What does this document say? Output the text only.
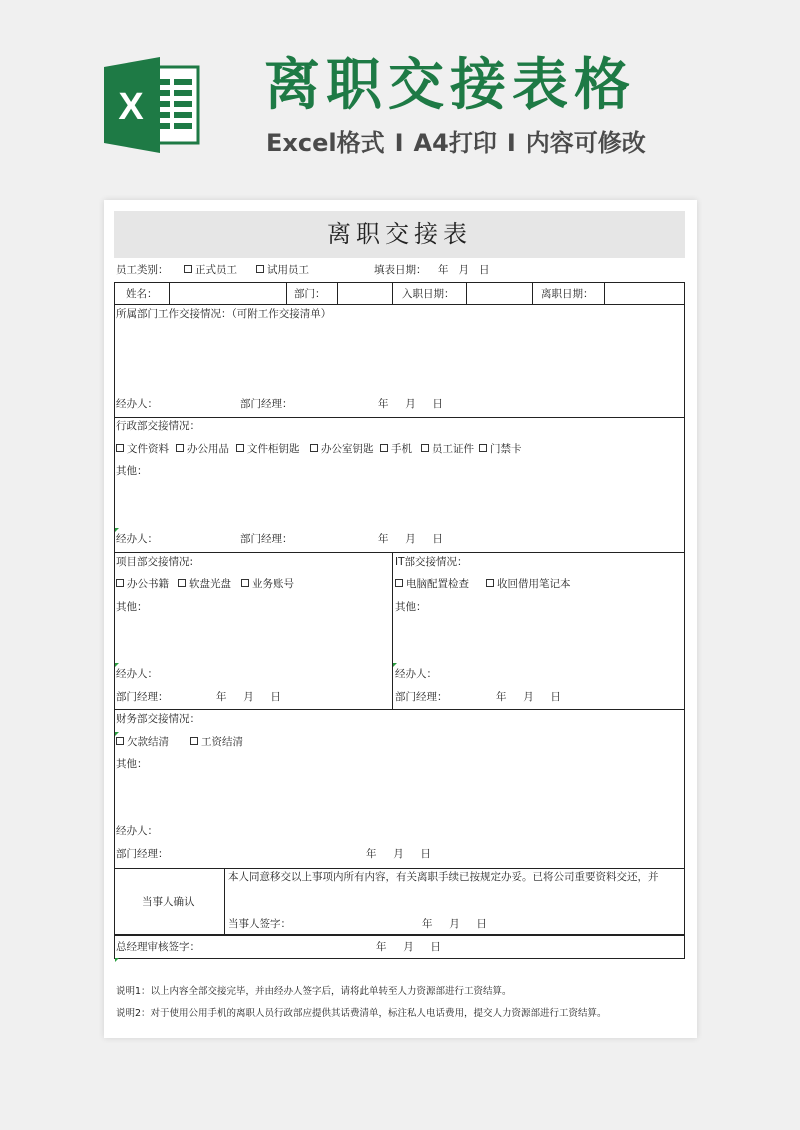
X 离职交接表格
Excel格式 I A4打印 I 内容可修改
离职交接表
员工类别：	正式员工	试用员工	填表日期： 年 月 日
姓名：	部门：	入职日期：	离职日期：
所属部门工作交接情况：（可附工作交接清单）
经办人：	部门经理：	年 月 日
行政部交接情况：
文件资料	办公用品	文件柜钥匙	办公室钥匙	手机	员工证件	门禁卡
其他：
经办人：	部门经理：	年 月 日
项目部交接情况:
办公书籍	软盘光盘	业务账号
其他：
经办人：
部门经理：	年 月 日
IT部交接情况：
电脑配置检查	收回借用笔记本
其他：
经办人：
部门经理：	年 月 日
财务部交接情况：
欠款结清	工资结清
其他：
经办人：
部门经理：	年 月 日
当事人确认
本人同意移交以上事项内所有内容，有关离职手续已按规定办妥。已将公司重要资料交还，并
当事人签字：	年 月 日
总经理审核签字：	年 月 日
说明1：以上内容全部交接完毕，并由经办人签字后，请将此单转至人力资源部进行工资结算。
说明2：对于使用公用手机的离职人员行政部应提供其话费清单，标注私人电话费用，提交人力资源部进行工资结算。
